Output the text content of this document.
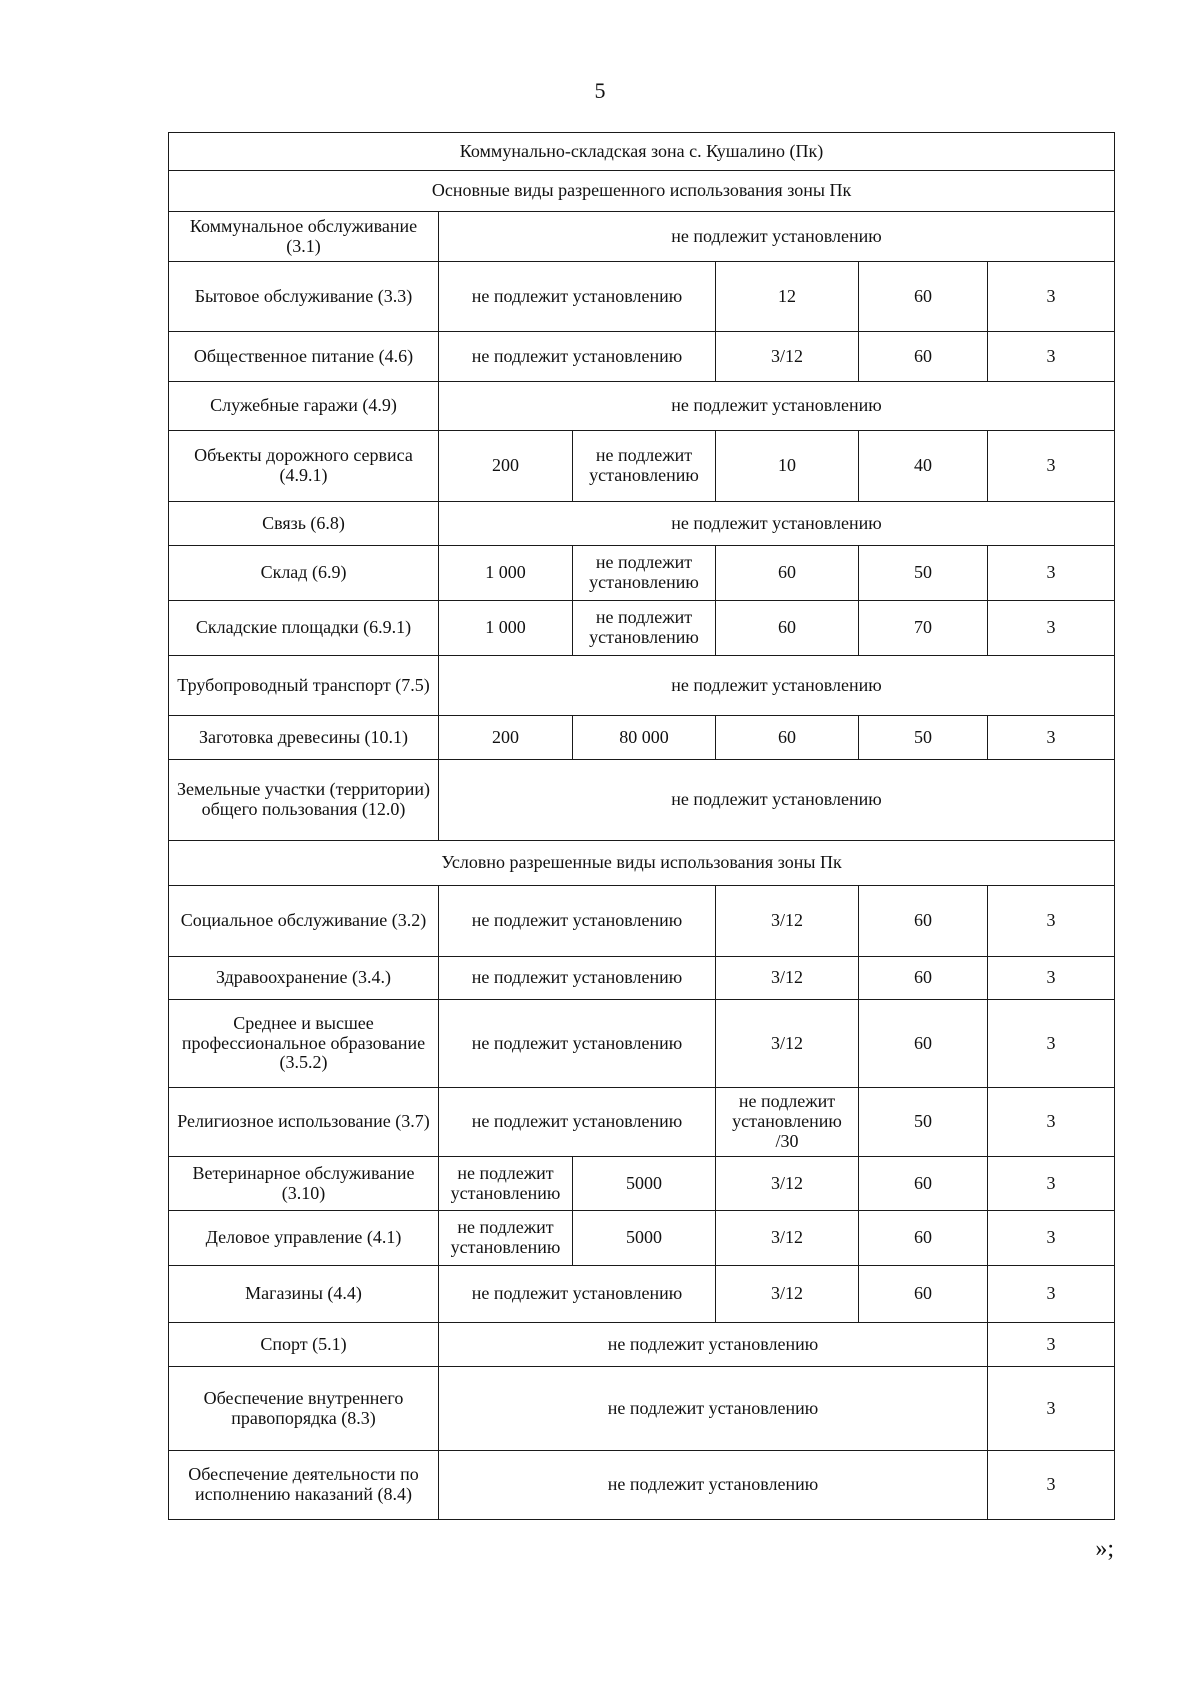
5
Коммунально-складская зона с. Кушалино (Пк)					
Основные виды разрешенного использования зоны Пк					
Коммунальное обслуживание (3.1)	не подлежит установлению				
Бытовое обслуживание (3.3)	не подлежит установлению		12	60	3
Общественное питание (4.6)	не подлежит установлению		3/12	60	3
Служебные гаражи (4.9)	не подлежит установлению				
Объекты дорожного сервиса (4.9.1)	200	не подлежит установлению	10	40	3
Связь (6.8)	не подлежит установлению				
Склад (6.9)	1 000	не подлежит установлению	60	50	3
Складские площадки (6.9.1)	1 000	не подлежит установлению	60	70	3
Трубопроводный транспорт (7.5)	не подлежит установлению				
Заготовка древесины (10.1)	200	80 000	60	50	3
Земельные участки (территории) общего пользования (12.0)	не подлежит установлению				
Условно разрешенные виды использования зоны Пк					
Социальное обслуживание (3.2)	не подлежит установлению		3/12	60	3
Здравоохранение (3.4.)	не подлежит установлению		3/12	60	3
Среднее и высшее профессиональное образование (3.5.2)	не подлежит установлению		3/12	60	3
Религиозное использование (3.7)	не подлежит установлению		не подлежит установлению /30	50	3
Ветеринарное обслуживание (3.10)	не подлежит установлению	5000	3/12	60	3
Деловое управление (4.1)	не подлежит установлению	5000	3/12	60	3
Магазины (4.4)	не подлежит установлению		3/12	60	3
Спорт (5.1)	не подлежит установлению				3
Обеспечение внутреннего правопорядка (8.3)	не подлежит установлению				3
Обеспечение деятельности по исполнению наказаний (8.4)	не подлежит установлению				3
»;
